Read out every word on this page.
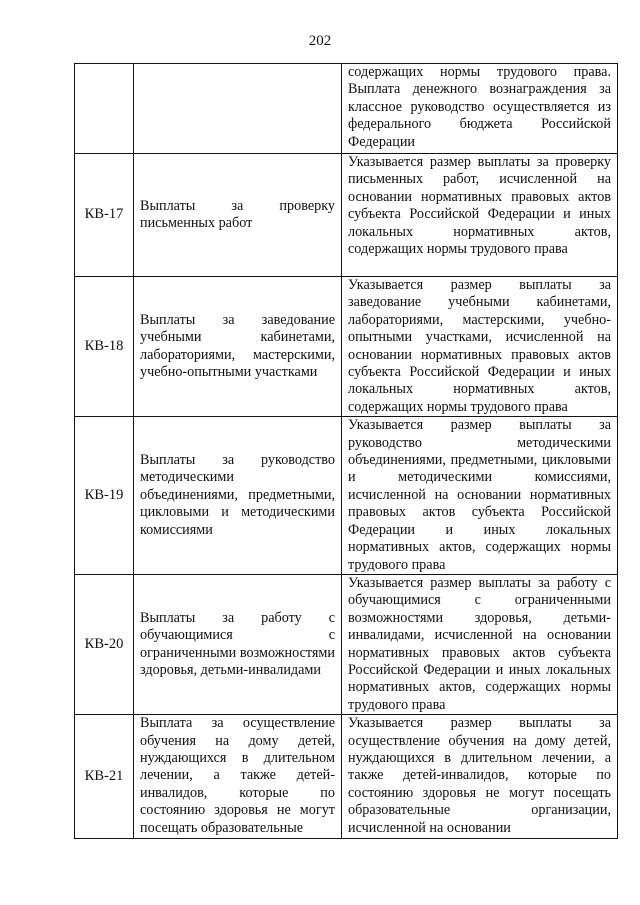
202
		содержащих нормы трудового права. Выплата денежного вознаграждения за классное руководство осуществляется из федерального бюджета Российской Федерации
КВ-17	Выплаты за проверку письменных работ	Указывается размер выплаты за проверку письменных работ, исчисленной на основании нормативных правовых актов субъекта Российской Федерации и иных локальных нормативных актов, содержащих нормы трудового права
КВ-18	Выплаты за заведование учебными кабинетами, лабораториями, мастерскими, учебно-опытными участками	Указывается размер выплаты за заведование учебными кабинетами, лабораториями, мастерскими, учебно-опытными участками, исчисленной на основании нормативных правовых актов субъекта Российской Федерации и иных локальных нормативных актов, содержащих нормы трудового права
КВ-19	Выплаты за руководство методическими объединениями, предметными, цикловыми и методическими комиссиями	Указывается размер выплаты за руководство методическими объединениями, предметными, цикловыми и методическими комиссиями, исчисленной на основании нормативных правовых актов субъекта Российской Федерации и иных локальных нормативных актов, содержащих нормы трудового права
КВ-20	Выплаты за работу с обучающимися с ограниченными возможностями здоровья, детьми-инвалидами	Указывается размер выплаты за работу с обучающимися с ограниченными возможностями здоровья, детьми-инвалидами, исчисленной на основании нормативных правовых актов субъекта Российской Федерации и иных локальных нормативных актов, содержащих нормы трудового права
КВ-21	Выплата за осуществление обучения на дому детей, нуждающихся в длительном лечении, а также детей-инвалидов, которые по состоянию здоровья не могут посещать образовательные	Указывается размер выплаты за осуществление обучения на дому детей, нуждающихся в длительном лечении, а также детей-инвалидов, которые по состоянию здоровья не могут посещать образовательные организации, исчисленной на основании
